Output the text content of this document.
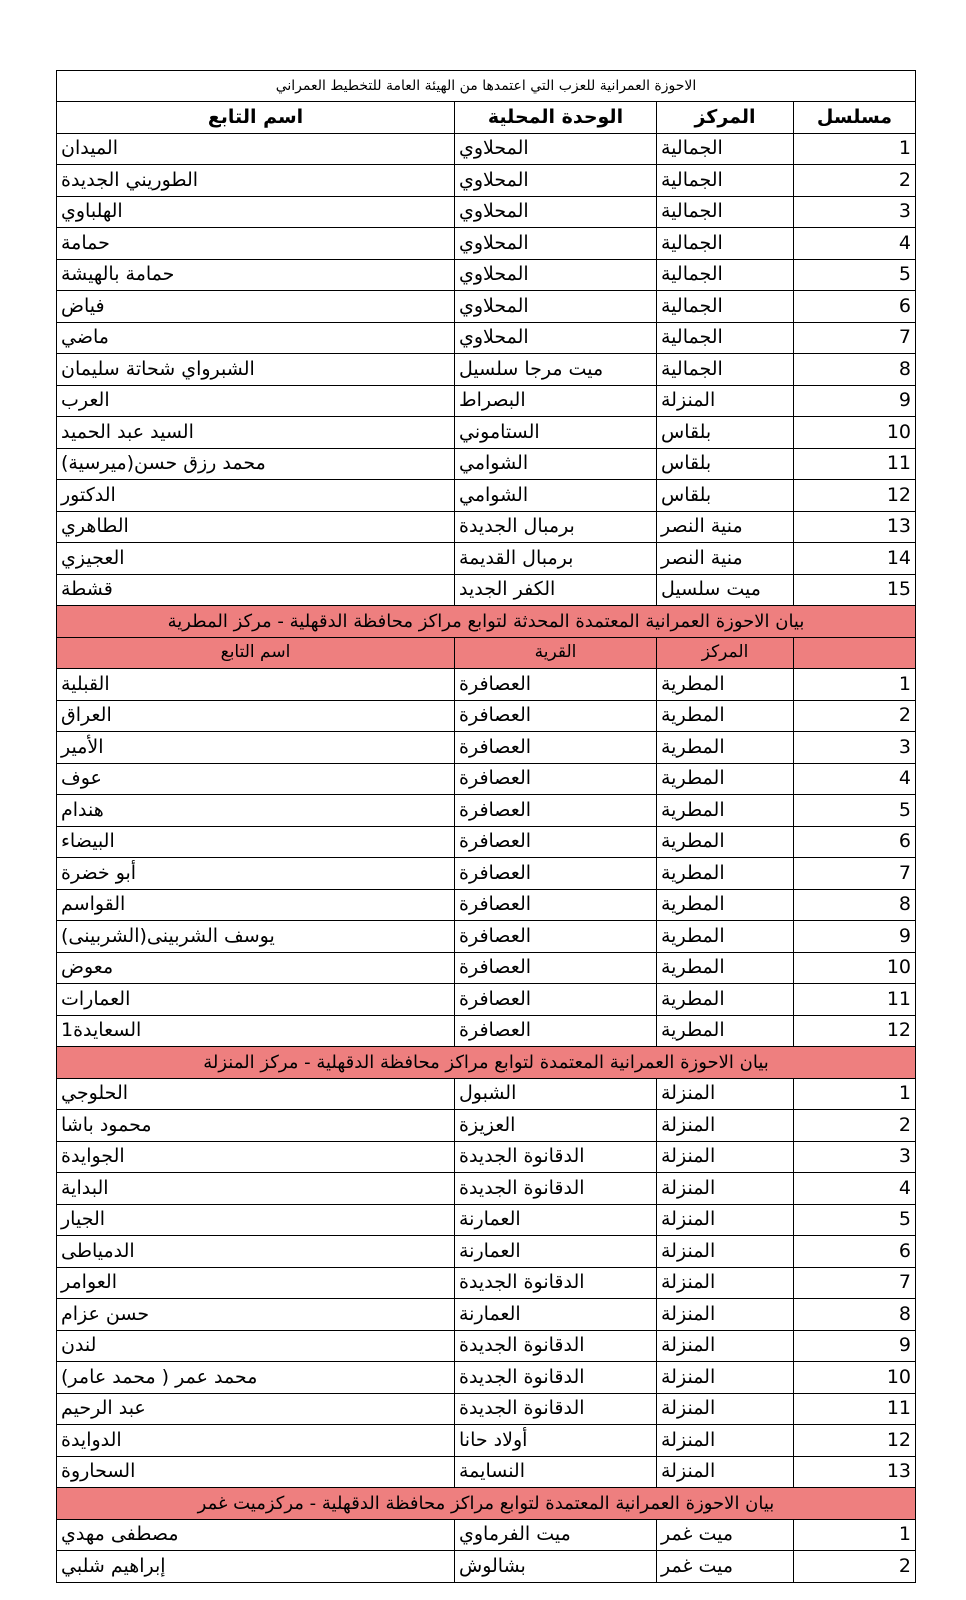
الاحوزة العمرانية للعزب التي اعتمدها من الهيئة العامة للتخطيط العمراني			
اسم التابع	الوحدة المحلية	المركز	مسلسل
الميدان	المحلاوي	الجمالية	1
الطوريني الجديدة	المحلاوي	الجمالية	2
الهلباوي	المحلاوي	الجمالية	3
حمامة	المحلاوي	الجمالية	4
حمامة بالهيشة	المحلاوي	الجمالية	5
فياض	المحلاوي	الجمالية	6
ماضي	المحلاوي	الجمالية	7
الشبرواي شحاتة سليمان	ميت مرجا سلسيل	الجمالية	8
العرب	البصراط	المنزلة	9
السيد عبد الحميد	الستاموني	بلقاس	10
محمد رزق حسن(ميرسية)	الشوامي	بلقاس	11
الدكتور	الشوامي	بلقاس	12
الطاهري	برمبال الجديدة	منية النصر	13
العجيزي	برمبال القديمة	منية النصر	14
قشطة	الكفر الجديد	ميت سلسيل	15
بيان الاحوزة العمرانية المعتمدة المحدثة لتوابع مراكز محافظة الدقهلية - مركز المطرية			
اسم التابع	القرية	المركز	
القبلية	العصافرة	المطرية	1
العراق	العصافرة	المطرية	2
الأمير	العصافرة	المطرية	3
عوف	العصافرة	المطرية	4
هندام	العصافرة	المطرية	5
البيضاء	العصافرة	المطرية	6
أبو خضرة	العصافرة	المطرية	7
القواسم	العصافرة	المطرية	8
يوسف الشربينى(الشربينى)	العصافرة	المطرية	9
معوض	العصافرة	المطرية	10
العمارات	العصافرة	المطرية	11
السعايدة1	العصافرة	المطرية	12
بيان الاحوزة العمرانية المعتمدة لتوابع مراكز محافظة الدقهلية - مركز المنزلة			
الحلوجي	الشبول	المنزلة	1
محمود باشا	العزيزة	المنزلة	2
الجوايدة	الدقانوة الجديدة	المنزلة	3
البداية	الدقانوة الجديدة	المنزلة	4
الجيار	العمارنة	المنزلة	5
الدمياطى	العمارنة	المنزلة	6
العوامر	الدقانوة الجديدة	المنزلة	7
حسن عزام	العمارنة	المنزلة	8
لندن	الدقانوة الجديدة	المنزلة	9
محمد عمر ( محمد عامر)	الدقانوة الجديدة	المنزلة	10
عبد الرحيم	الدقانوة الجديدة	المنزلة	11
الدوايدة	أولاد حانا	المنزلة	12
السحاروة	النسايمة	المنزلة	13
بيان الاحوزة العمرانية المعتمدة لتوابع مراكز محافظة الدقهلية - مركزميت غمر			
مصطفى مهدي	ميت الفرماوي	ميت غمر	1
إبراهيم شلبي	بشالوش	ميت غمر	2
